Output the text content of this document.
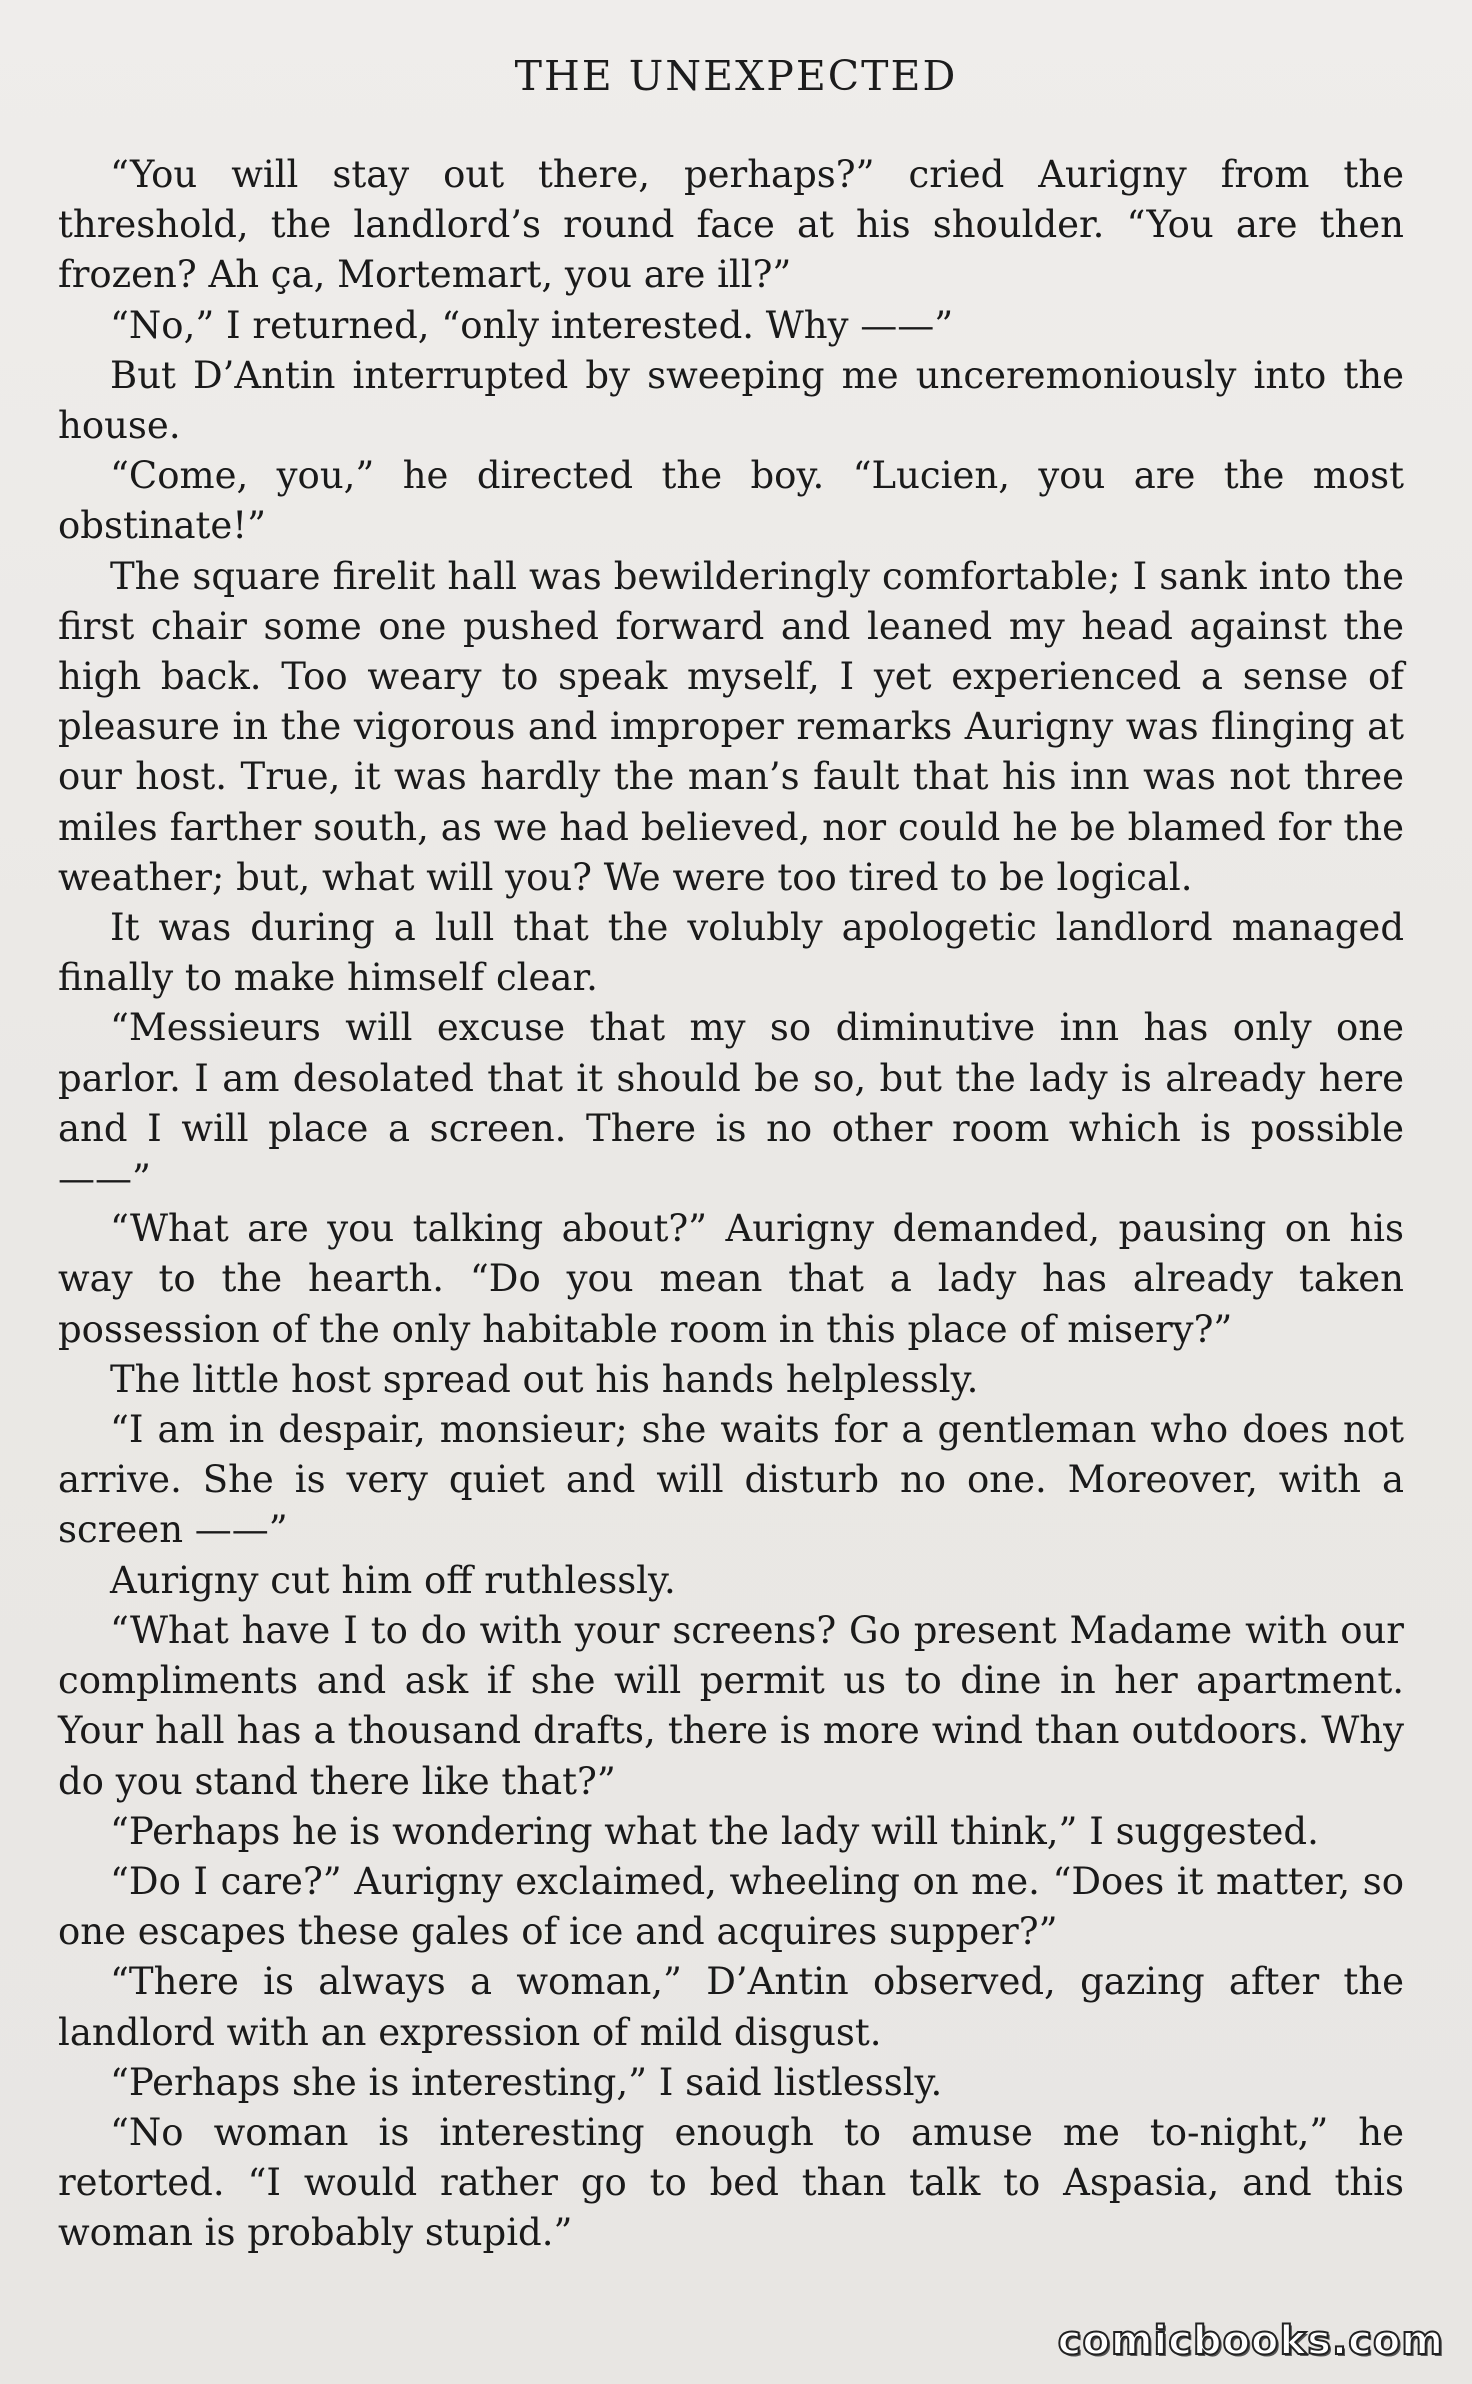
THE UNEXPECTED

“You will stay out there, perhaps?” cried Aurigny from the threshold, the landlord’s round face at his shoulder. “You are then frozen? Ah ça, Mortemart, you are ill?”

“No,” I returned, “only interested. Why ——”

But D’Antin interrupted by sweeping me unceremoniously into the house.

“Come, you,” he directed the boy. “Lucien, you are the most obstinate!”

The square firelit hall was bewilderingly comfortable; I sank into the first chair some one pushed forward and leaned my head against the high back. Too weary to speak myself, I yet experienced a sense of pleasure in the vigorous and improper remarks Aurigny was flinging at our host. True, it was hardly the man’s fault that his inn was not three miles farther south, as we had believed, nor could he be blamed for the weather; but, what will you? We were too tired to be logical.

It was during a lull that the volubly apologetic landlord managed finally to make himself clear.

“Messieurs will excuse that my so diminutive inn has only one parlor. I am desolated that it should be so, but the lady is already here and I will place a screen. There is no other room which is possible ——”

“What are you talking about?” Aurigny demanded, pausing on his way to the hearth. “Do you mean that a lady has already taken possession of the only habitable room in this place of misery?”

The little host spread out his hands helplessly.

“I am in despair, monsieur; she waits for a gentleman who does not arrive. She is very quiet and will disturb no one. Moreover, with a screen ——”

Aurigny cut him off ruthlessly.

“What have I to do with your screens? Go present Madame with our compliments and ask if she will permit us to dine in her apartment. Your hall has a thousand drafts, there is more wind than outdoors. Why do you stand there like that?”

“Perhaps he is wondering what the lady will think,” I suggested.

“Do I care?” Aurigny exclaimed, wheeling on me. “Does it matter, so one escapes these gales of ice and acquires supper?”

“There is always a woman,” D’Antin observed, gazing after the landlord with an expression of mild disgust.

“Perhaps she is interesting,” I said listlessly.

“No woman is interesting enough to amuse me to-night,” he retorted. “I would rather go to bed than talk to Aspasia, and this woman is probably stupid.”

comicbooks.com
